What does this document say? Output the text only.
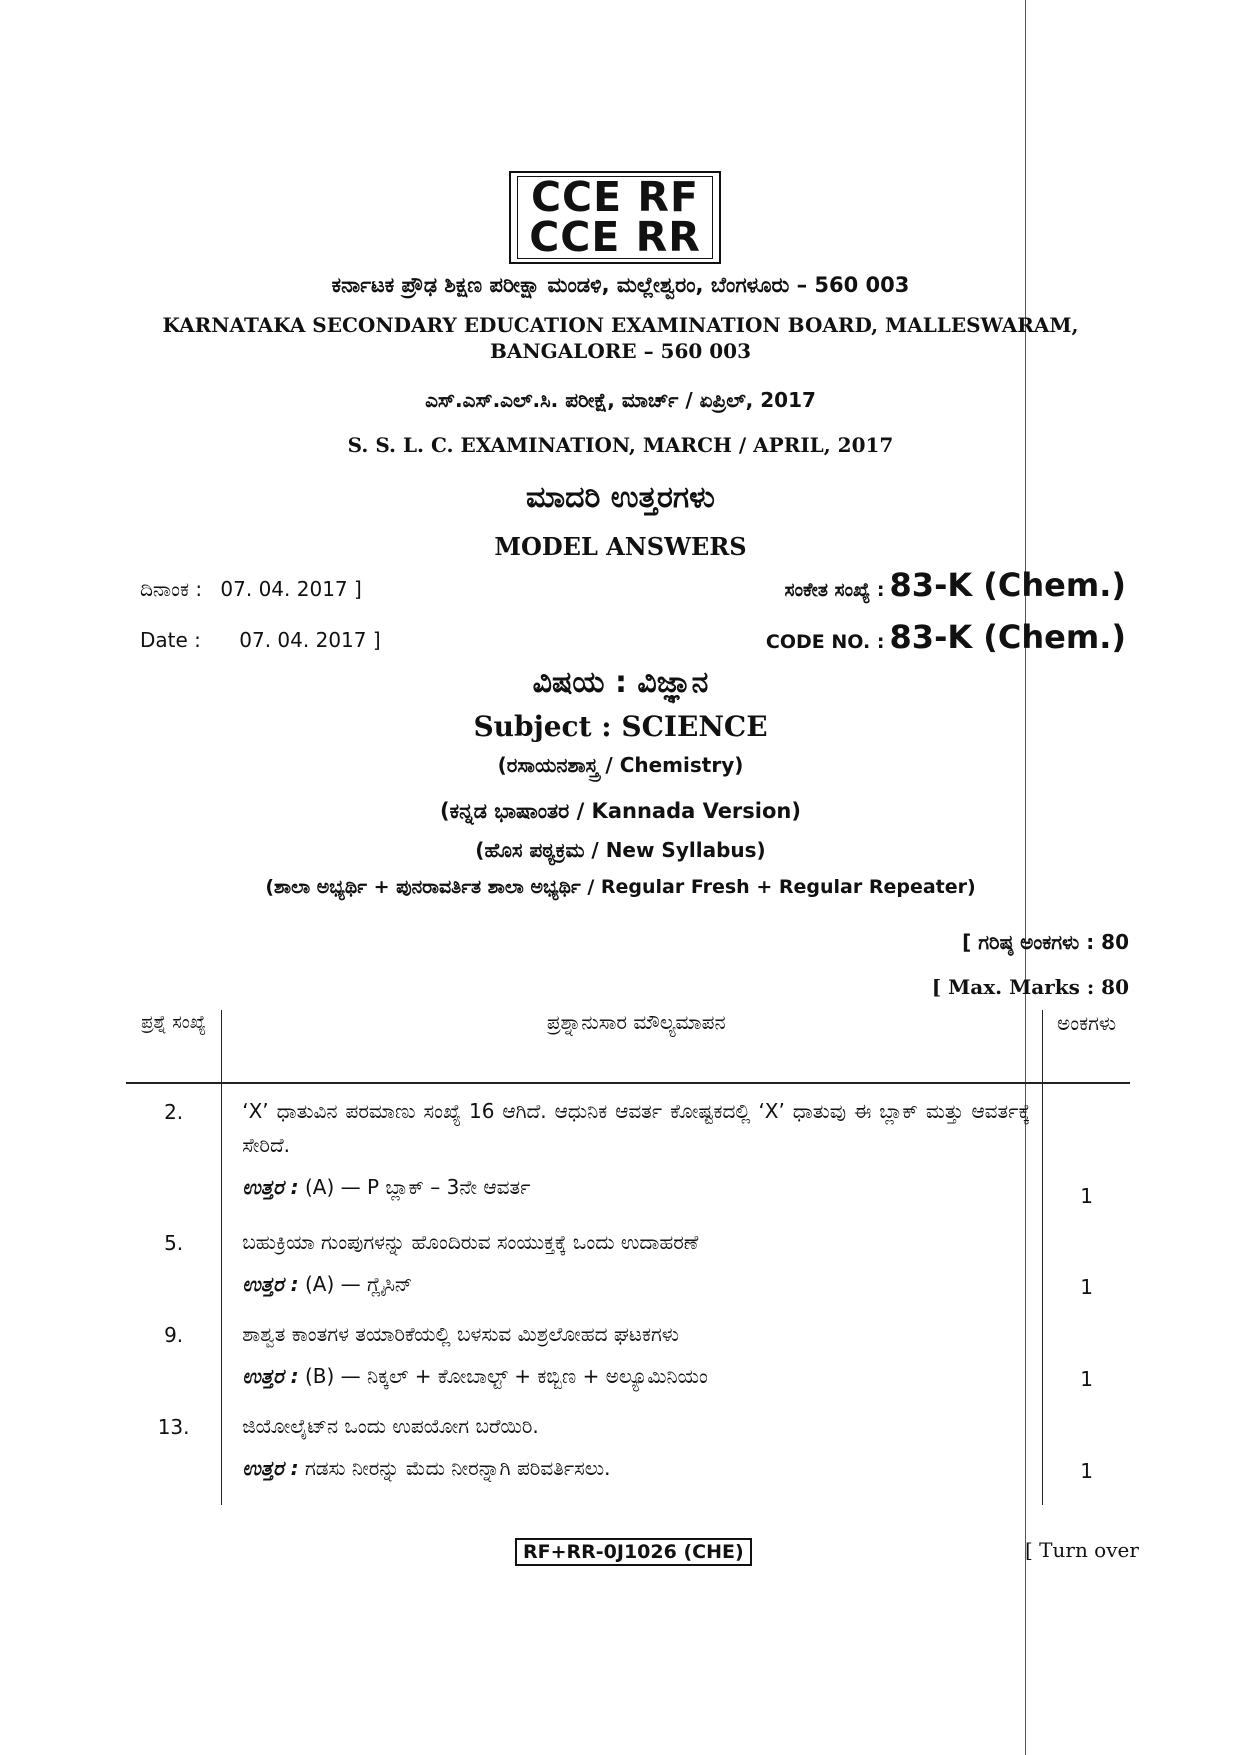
CCE RF
CCE RR
ಕರ್ನಾಟಕ ಪ್ರೌಢ ಶಿಕ್ಷಣ ಪರೀಕ್ಷಾ ಮಂಡಳಿ, ಮಲ್ಲೇಶ್ವರಂ, ಬೆಂಗಳೂರು – 560 003
KARNATAKA SECONDARY EDUCATION EXAMINATION BOARD, MALLESWARAM,
BANGALORE – 560 003
ಎಸ್.ಎಸ್.ಎಲ್.ಸಿ. ಪರೀಕ್ಷೆ, ಮಾರ್ಚ್ / ಏಪ್ರಿಲ್, 2017
S. S. L. C. EXAMINATION, MARCH / APRIL, 2017
ಮಾದರಿ ಉತ್ತರಗಳು
MODEL ANSWERS
ದಿನಾಂಕ : 07. 04. 2017 ]
Date : 07. 04. 2017 ]
ಸಂಕೇತ ಸಂಖ್ಯೆ : 83-K (Chem.)
CODE NO. : 83-K (Chem.)
ವಿಷಯ : ವಿಜ್ಞಾನ
Subject : SCIENCE
(ರಸಾಯನಶಾಸ್ತ್ರ / Chemistry)
(ಕನ್ನಡ ಭಾಷಾಂತರ / Kannada Version)
(ಹೊಸ ಪಠ್ಯಕ್ರಮ / New Syllabus)
(ಶಾಲಾ ಅಭ್ಯರ್ಥಿ + ಪುನರಾವರ್ತಿತ ಶಾಲಾ ಅಭ್ಯರ್ಥಿ / Regular Fresh + Regular Repeater)
[ ಗರಿಷ್ಠ ಅಂಕಗಳು : 80
[ Max. Marks : 80
ಪ್ರಶ್ನೆ ಸಂಖ್ಯೆ	ಪ್ರಶ್ನಾನುಸಾರ ಮೌಲ್ಯಮಾಪನ	ಅಂಕಗಳು
2.	‘X’ ಧಾತುವಿನ ಪರಮಾಣು ಸಂಖ್ಯೆ 16 ಆಗಿದೆ. ಆಧುನಿಕ ಆವರ್ತ ಕೋಷ್ಟಕದಲ್ಲಿ ‘X’ ಧಾತುವು ಈ ಬ್ಲಾಕ್ ಮತ್ತು ಆವರ್ತಕ್ಕೆ ಸೇರಿದೆ.
ಉತ್ತರ : (A) — P ಬ್ಲಾಕ್ – 3ನೇ ಆವರ್ತ	1
5.	ಬಹುಕ್ರಿಯಾ ಗುಂಪುಗಳನ್ನು ಹೊಂದಿರುವ ಸಂಯುಕ್ತಕ್ಕೆ ಒಂದು ಉದಾಹರಣೆ
ಉತ್ತರ : (A) — ಗ್ಲೈಸಿನ್	1
9.	ಶಾಶ್ವತ ಕಾಂತಗಳ ತಯಾರಿಕೆಯಲ್ಲಿ ಬಳಸುವ ಮಿಶ್ರಲೋಹದ ಘಟಕಗಳು
ಉತ್ತರ : (B) — ನಿಕ್ಕಲ್ + ಕೋಬಾಲ್ಟ್ + ಕಬ್ಬಿಣ + ಅಲ್ಯೂಮಿನಿಯಂ	1
13.	ಜಿಯೋಲೈಟ್‌ನ ಒಂದು ಉಪಯೋಗ ಬರೆಯಿರಿ.
ಉತ್ತರ : ಗಡಸು ನೀರನ್ನು ಮೆದು ನೀರನ್ನಾಗಿ ಪರಿವರ್ತಿಸಲು.	1
RF+RR-0J1026 (CHE)	[ Turn over
